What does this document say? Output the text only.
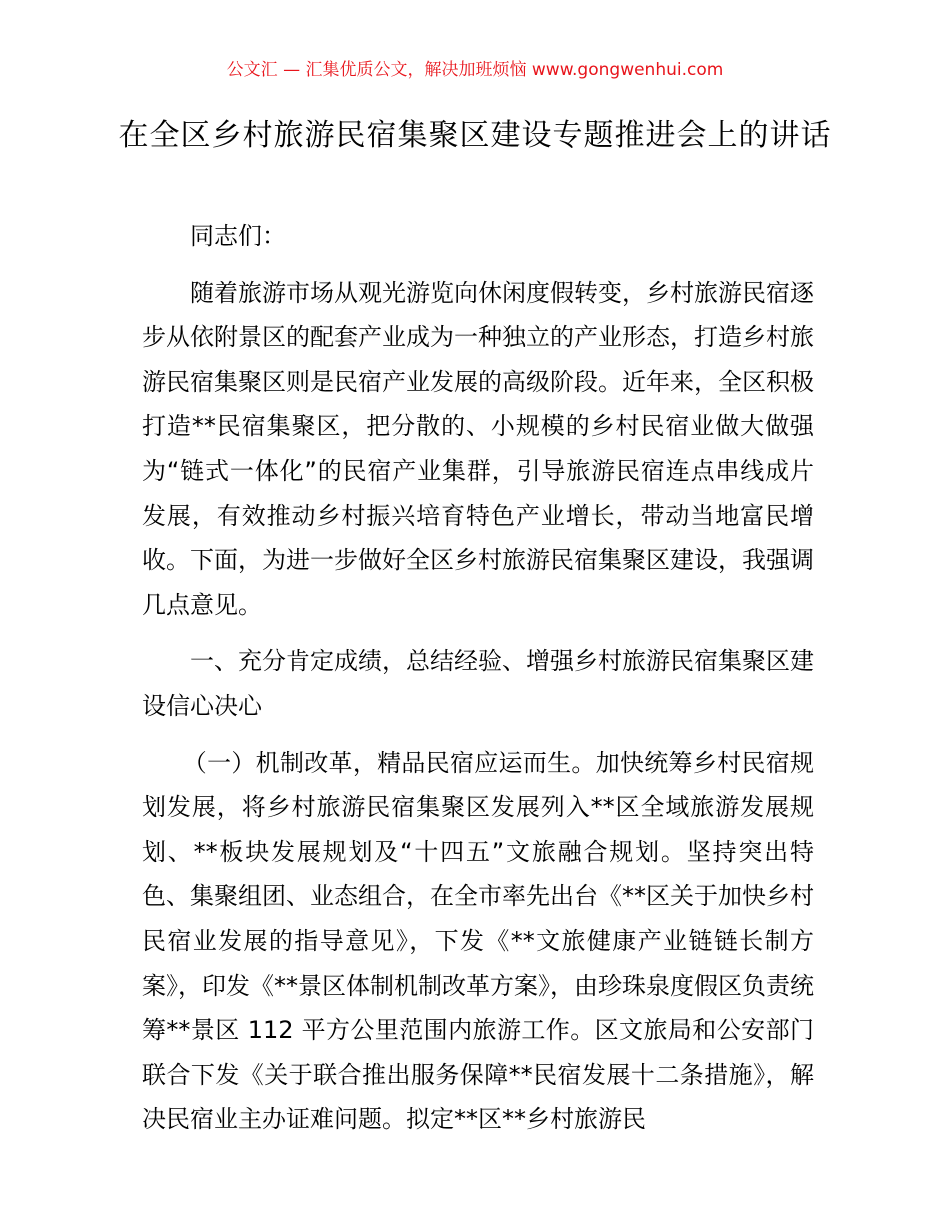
公文汇 — 汇集优质公文，解决加班烦恼 www.gongwenhui.com
在全区乡村旅游民宿集聚区建设专题推进会上的讲话

同志们：

随着旅游市场从观光游览向休闲度假转变，乡村旅游民宿逐步从依附景区的配套产业成为一种独立的产业形态，打造乡村旅游民宿集聚区则是民宿产业发展的高级阶段。近年来，全区积极打造**民宿集聚区，把分散的、小规模的乡村民宿业做大做强为“链式一体化”的民宿产业集群，引导旅游民宿连点串线成片发展，有效推动乡村振兴培育特色产业增长，带动当地富民增收。下面，为进一步做好全区乡村旅游民宿集聚区建设，我强调几点意见。

一、充分肯定成绩，总结经验、增强乡村旅游民宿集聚区建设信心决心

（一）机制改革，精品民宿应运而生。加快统筹乡村民宿规划发展，将乡村旅游民宿集聚区发展列入**区全域旅游发展规划、**板块发展规划及“十四五”文旅融合规划。坚持突出特色、集聚组团、业态组合，在全市率先出台《**区关于加快乡村民宿业发展的指导意见》，下发《**文旅健康产业链链长制方案》，印发《**景区体制机制改革方案》，由珍珠泉度假区负责统筹**景区 112 平方公里范围内旅游工作。区文旅局和公安部门联合下发《关于联合推出服务保障**民宿发展十二条措施》，解决民宿业主办证难问题。拟定**区**乡村旅游民
